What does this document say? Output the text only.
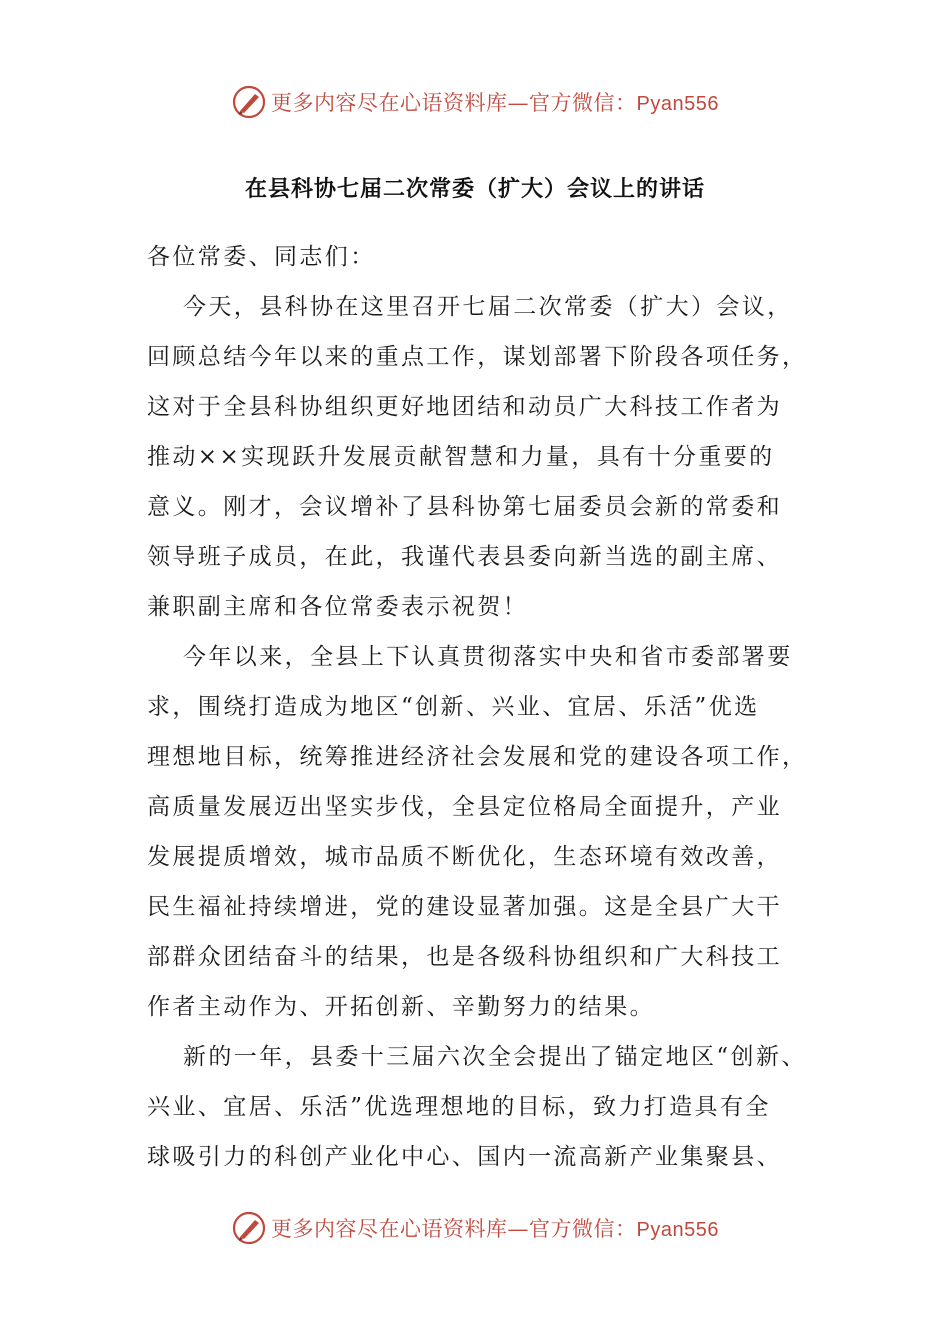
更多内容尽在心语资料库—官方微信：Pyan556
在县科协七届二次常委（扩大）会议上的讲话
各位常委、同志们：
今天，县科协在这里召开七届二次常委（扩大）会议，
回顾总结今年以来的重点工作，谋划部署下阶段各项任务，
这对于全县科协组织更好地团结和动员广大科技工作者为
推动××实现跃升发展贡献智慧和力量，具有十分重要的
意义。刚才，会议增补了县科协第七届委员会新的常委和
领导班子成员，在此，我谨代表县委向新当选的副主席、
兼职副主席和各位常委表示祝贺！
今年以来，全县上下认真贯彻落实中央和省市委部署要
求，围绕打造成为地区“创新、兴业、宜居、乐活”优选
理想地目标，统筹推进经济社会发展和党的建设各项工作，
高质量发展迈出坚实步伐，全县定位格局全面提升，产业
发展提质增效，城市品质不断优化，生态环境有效改善，
民生福祉持续增进，党的建设显著加强。这是全县广大干
部群众团结奋斗的结果，也是各级科协组织和广大科技工
作者主动作为、开拓创新、辛勤努力的结果。
新的一年，县委十三届六次全会提出了锚定地区“创新、
兴业、宜居、乐活”优选理想地的目标，致力打造具有全
球吸引力的科创产业化中心、国内一流高新产业集聚县、
更多内容尽在心语资料库—官方微信：Pyan556
